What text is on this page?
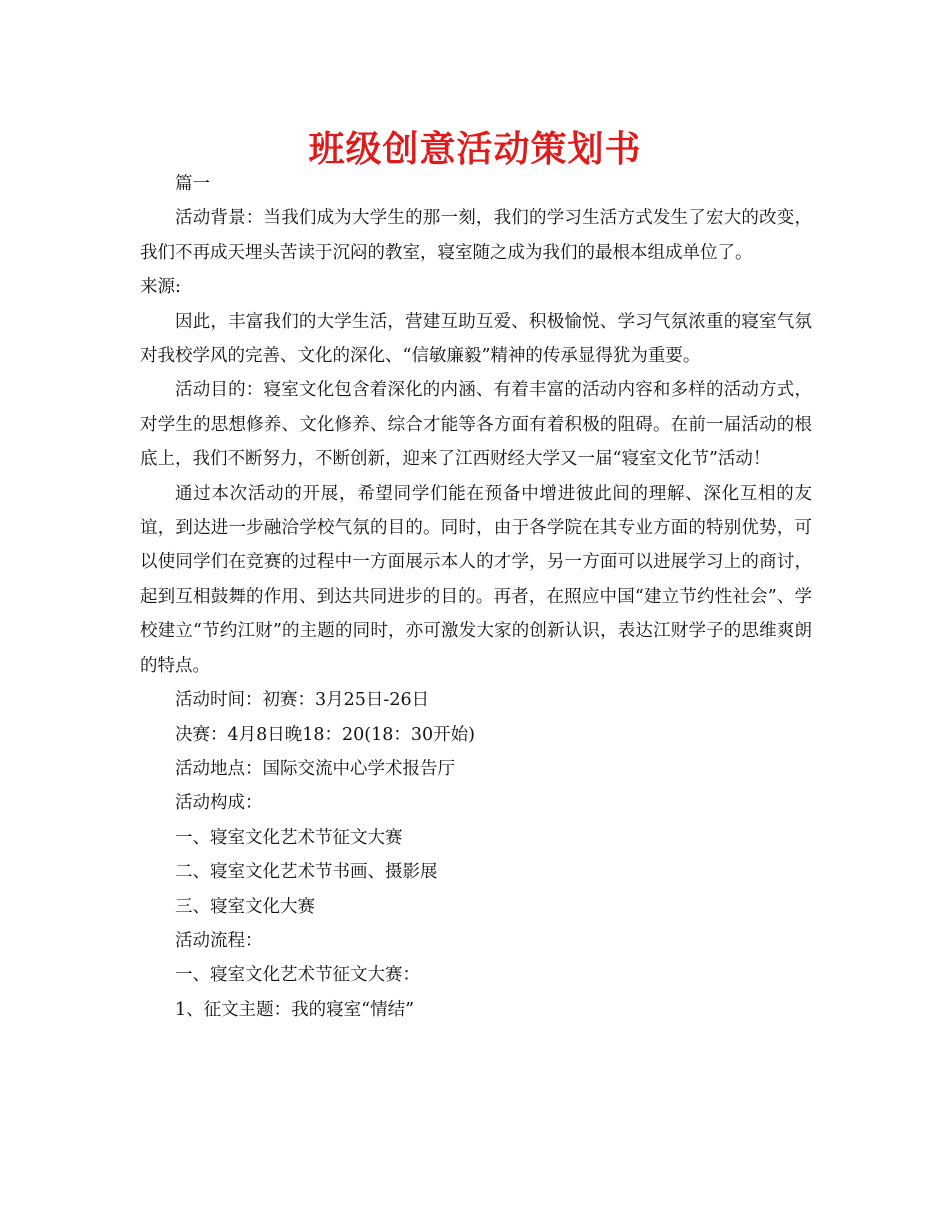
班级创意活动策划书

篇一

活动背景：当我们成为大学生的那一刻，我们的学习生活方式发生了宏大的改变，我们不再成天埋头苦读于沉闷的教室，寝室随之成为我们的最根本组成单位了。

来源:

因此，丰富我们的大学生活，营建互助互爱、积极愉悦、学习气氛浓重的寝室气氛对我校学风的完善、文化的深化、“信敏廉毅”精神的传承显得犹为重要。

活动目的：寝室文化包含着深化的内涵、有着丰富的活动内容和多样的活动方式，对学生的思想修养、文化修养、综合才能等各方面有着积极的阻碍。在前一届活动的根底上，我们不断努力，不断创新，迎来了江西财经大学又一届“寝室文化节”活动！

通过本次活动的开展，希望同学们能在预备中增进彼此间的理解、深化互相的友谊，到达进一步融洽学校气氛的目的。同时，由于各学院在其专业方面的特别优势，可以使同学们在竞赛的过程中一方面展示本人的才学，另一方面可以进展学习上的商讨，起到互相鼓舞的作用、到达共同进步的目的。再者，在照应中国“建立节约性社会”、学校建立“节约江财”的主题的同时，亦可激发大家的创新认识，表达江财学子的思维爽朗的特点。

活动时间：初赛：3月25日-26日

决赛：4月8日晚18：20(18：30开始)

活动地点：国际交流中心学术报告厅

活动构成：

一、寝室文化艺术节征文大赛

二、寝室文化艺术节书画、摄影展

三、寝室文化大赛

活动流程：

一、寝室文化艺术节征文大赛：

1、征文主题：我的寝室“情结”
